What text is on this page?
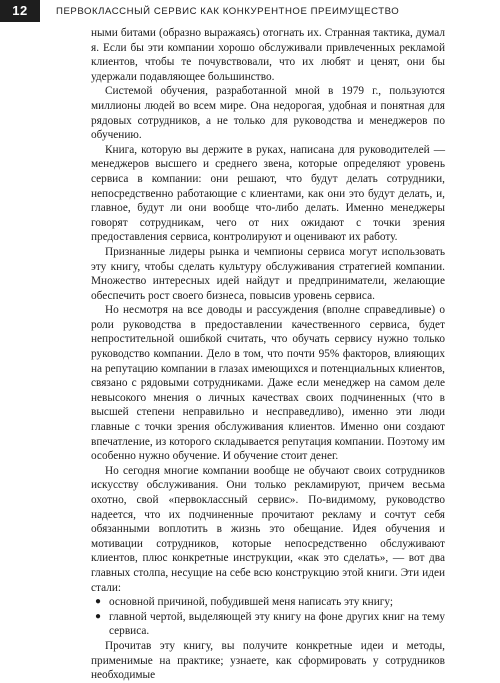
12	ПЕРВОКЛАССНЫЙ СЕРВИС КАК КОНКУРЕНТНОЕ ПРЕИМУЩЕСТВО

ными битами (образно выражаясь) отогнать их. Странная тактика, думал я. Если бы эти компании хорошо обслуживали привлеченных рекламой клиентов, чтобы те почувствовали, что их любят и ценят, они бы удержали подавляющее большинство.

Системой обучения, разработанной мной в 1979 г., пользуются миллионы людей во всем мире. Она недорогая, удобная и понятная для рядовых сотрудников, а не только для руководства и менеджеров по обучению.

Книга, которую вы держите в руках, написана для руководителей — менеджеров высшего и среднего звена, которые определяют уровень сервиса в компании: они решают, что будут делать сотрудники, непосредственно работающие с клиентами, как они это будут делать, и, главное, будут ли они вообще что-либо делать. Именно менеджеры говорят сотрудникам, чего от них ожидают с точки зрения предоставления сервиса, контролируют и оценивают их работу.

Признанные лидеры рынка и чемпионы сервиса могут использовать эту книгу, чтобы сделать культуру обслуживания стратегией компании. Множество интересных идей найдут и предприниматели, желающие обеспечить рост своего бизнеса, повысив уровень сервиса.

Но несмотря на все доводы и рассуждения (вполне справедливые) о роли руководства в предоставлении качественного сервиса, будет непростительной ошибкой считать, что обучать сервису нужно только руководство компании. Дело в том, что почти 95% факторов, влияющих на репутацию компании в глазах имеющихся и потенциальных клиентов, связано с рядовыми сотрудниками. Даже если менеджер на самом деле невысокого мнения о личных качествах своих подчиненных (что в высшей степени неправильно и несправедливо), именно эти люди главные с точки зрения обслуживания клиентов. Именно они создают впечатление, из которого складывается репутация компании. Поэтому им особенно нужно обучение. И обучение стоит денег.

Но сегодня многие компании вообще не обучают своих сотрудников искусству обслуживания. Они только рекламируют, причем весьма охотно, свой «первоклассный сервис». По-видимому, руководство надеется, что их подчиненные прочитают рекламу и сочтут себя обязанными воплотить в жизнь это обещание. Идея обучения и мотивации сотрудников, которые непосредственно обслуживают клиентов, плюс конкретные инструкции, «как это сделать», — вот два главных столпа, несущие на себе всю конструкцию этой книги. Эти идеи стали:

● основной причиной, побудившей меня написать эту книгу;
● главной чертой, выделяющей эту книгу на фоне других книг на тему сервиса.

Прочитав эту книгу, вы получите конкретные идеи и методы, применимые на практике; узнаете, как сформировать у сотрудников необходимые
